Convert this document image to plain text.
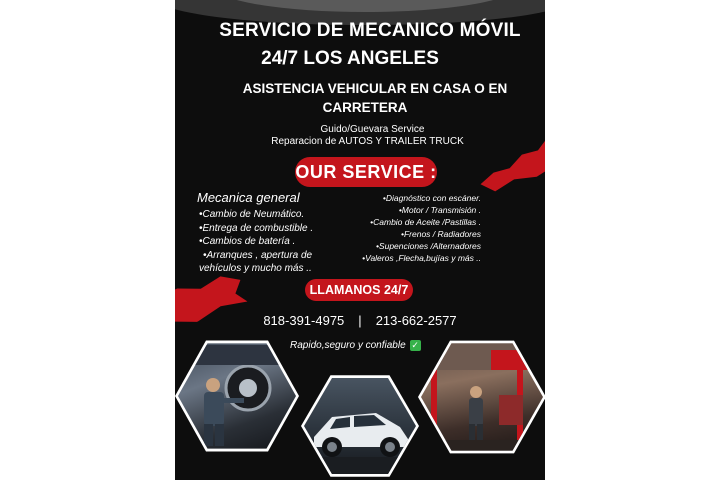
SERVICIO DE MECANICO MÓVIL
24/7 LOS ANGELES
ASISTENCIA VEHICULAR EN CASA O EN
CARRETERA
Guido/Guevara Service
Reparacion de AUTOS Y TRAILER TRUCK
OUR SERVICE :
Mecanica general
•Cambio de Neumático.
•Entrega de combustible .
•Cambios de batería .
•Arranques , apertura de
vehículos y mucho más ..
•Diagnóstico con escáner.
•Motor / Transmisión .
•Cambio de Aceite /Pastillas .
•Frenos / Radiadores
•Supenciones /Alternadores
•Valeros ,Flecha,bujías y más ..
LLAMANOS 24/7
818-391-4975 | 213-662-2577
Rapido,seguro y confiable ✓
